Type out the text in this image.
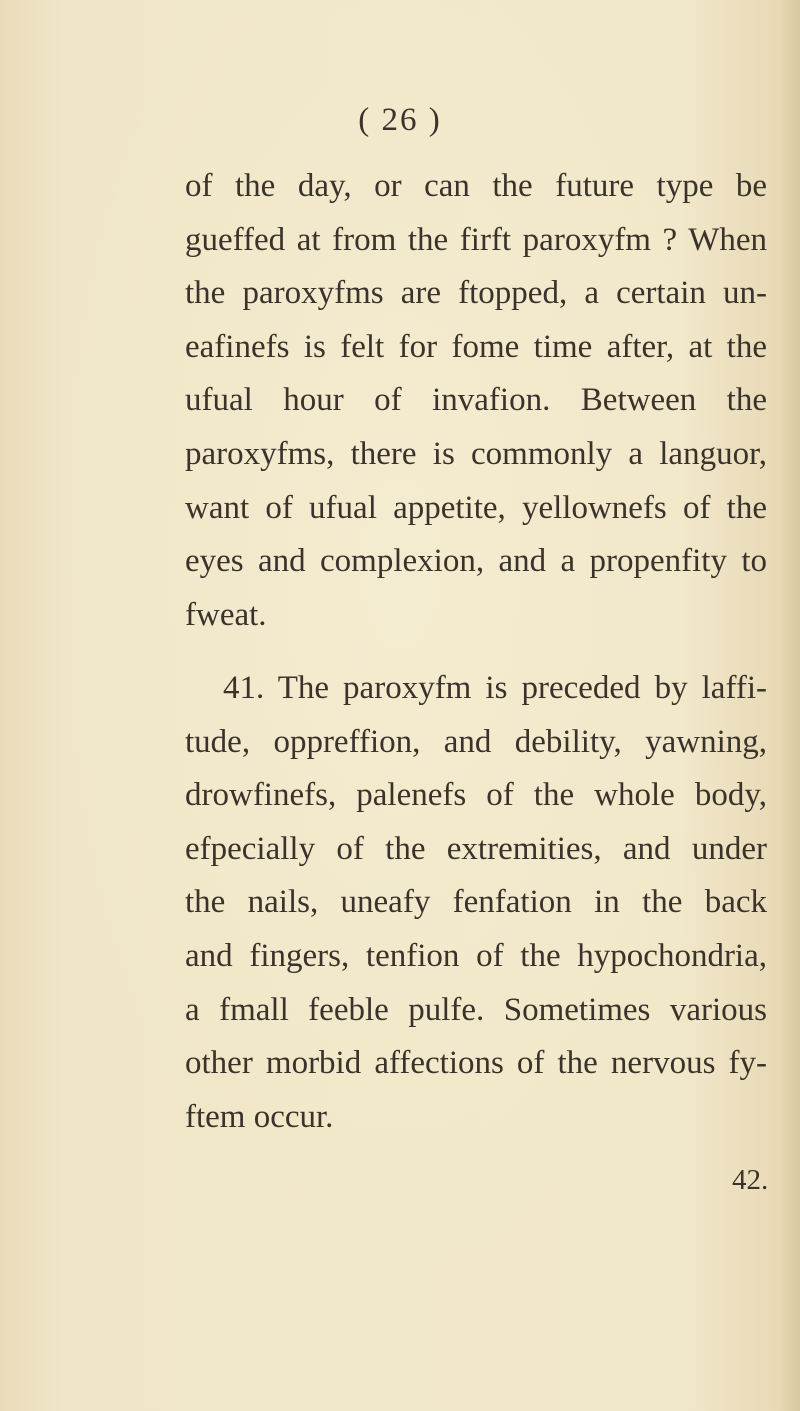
( 26 )
of the day, or can the future type be
gueffed at from the firft paroxyfm ? When
the paroxyfms are ftopped, a certain un-
eafinefs is felt for fome time after, at the
ufual hour of invafion. Between the
paroxyfms, there is commonly a languor,
want of ufual appetite, yellownefs of the
eyes and complexion, and a propenfity to
fweat.
41. The paroxyfm is preceded by laffi-
tude, oppreffion, and debility, yawning,
drowfinefs, palenefs of the whole body,
efpecially of the extremities, and under
the nails, uneafy fenfation in the back
and fingers, tenfion of the hypochondria,
a fmall feeble pulfe. Sometimes various
other morbid affections of the nervous fy-
ftem occur.
42.
